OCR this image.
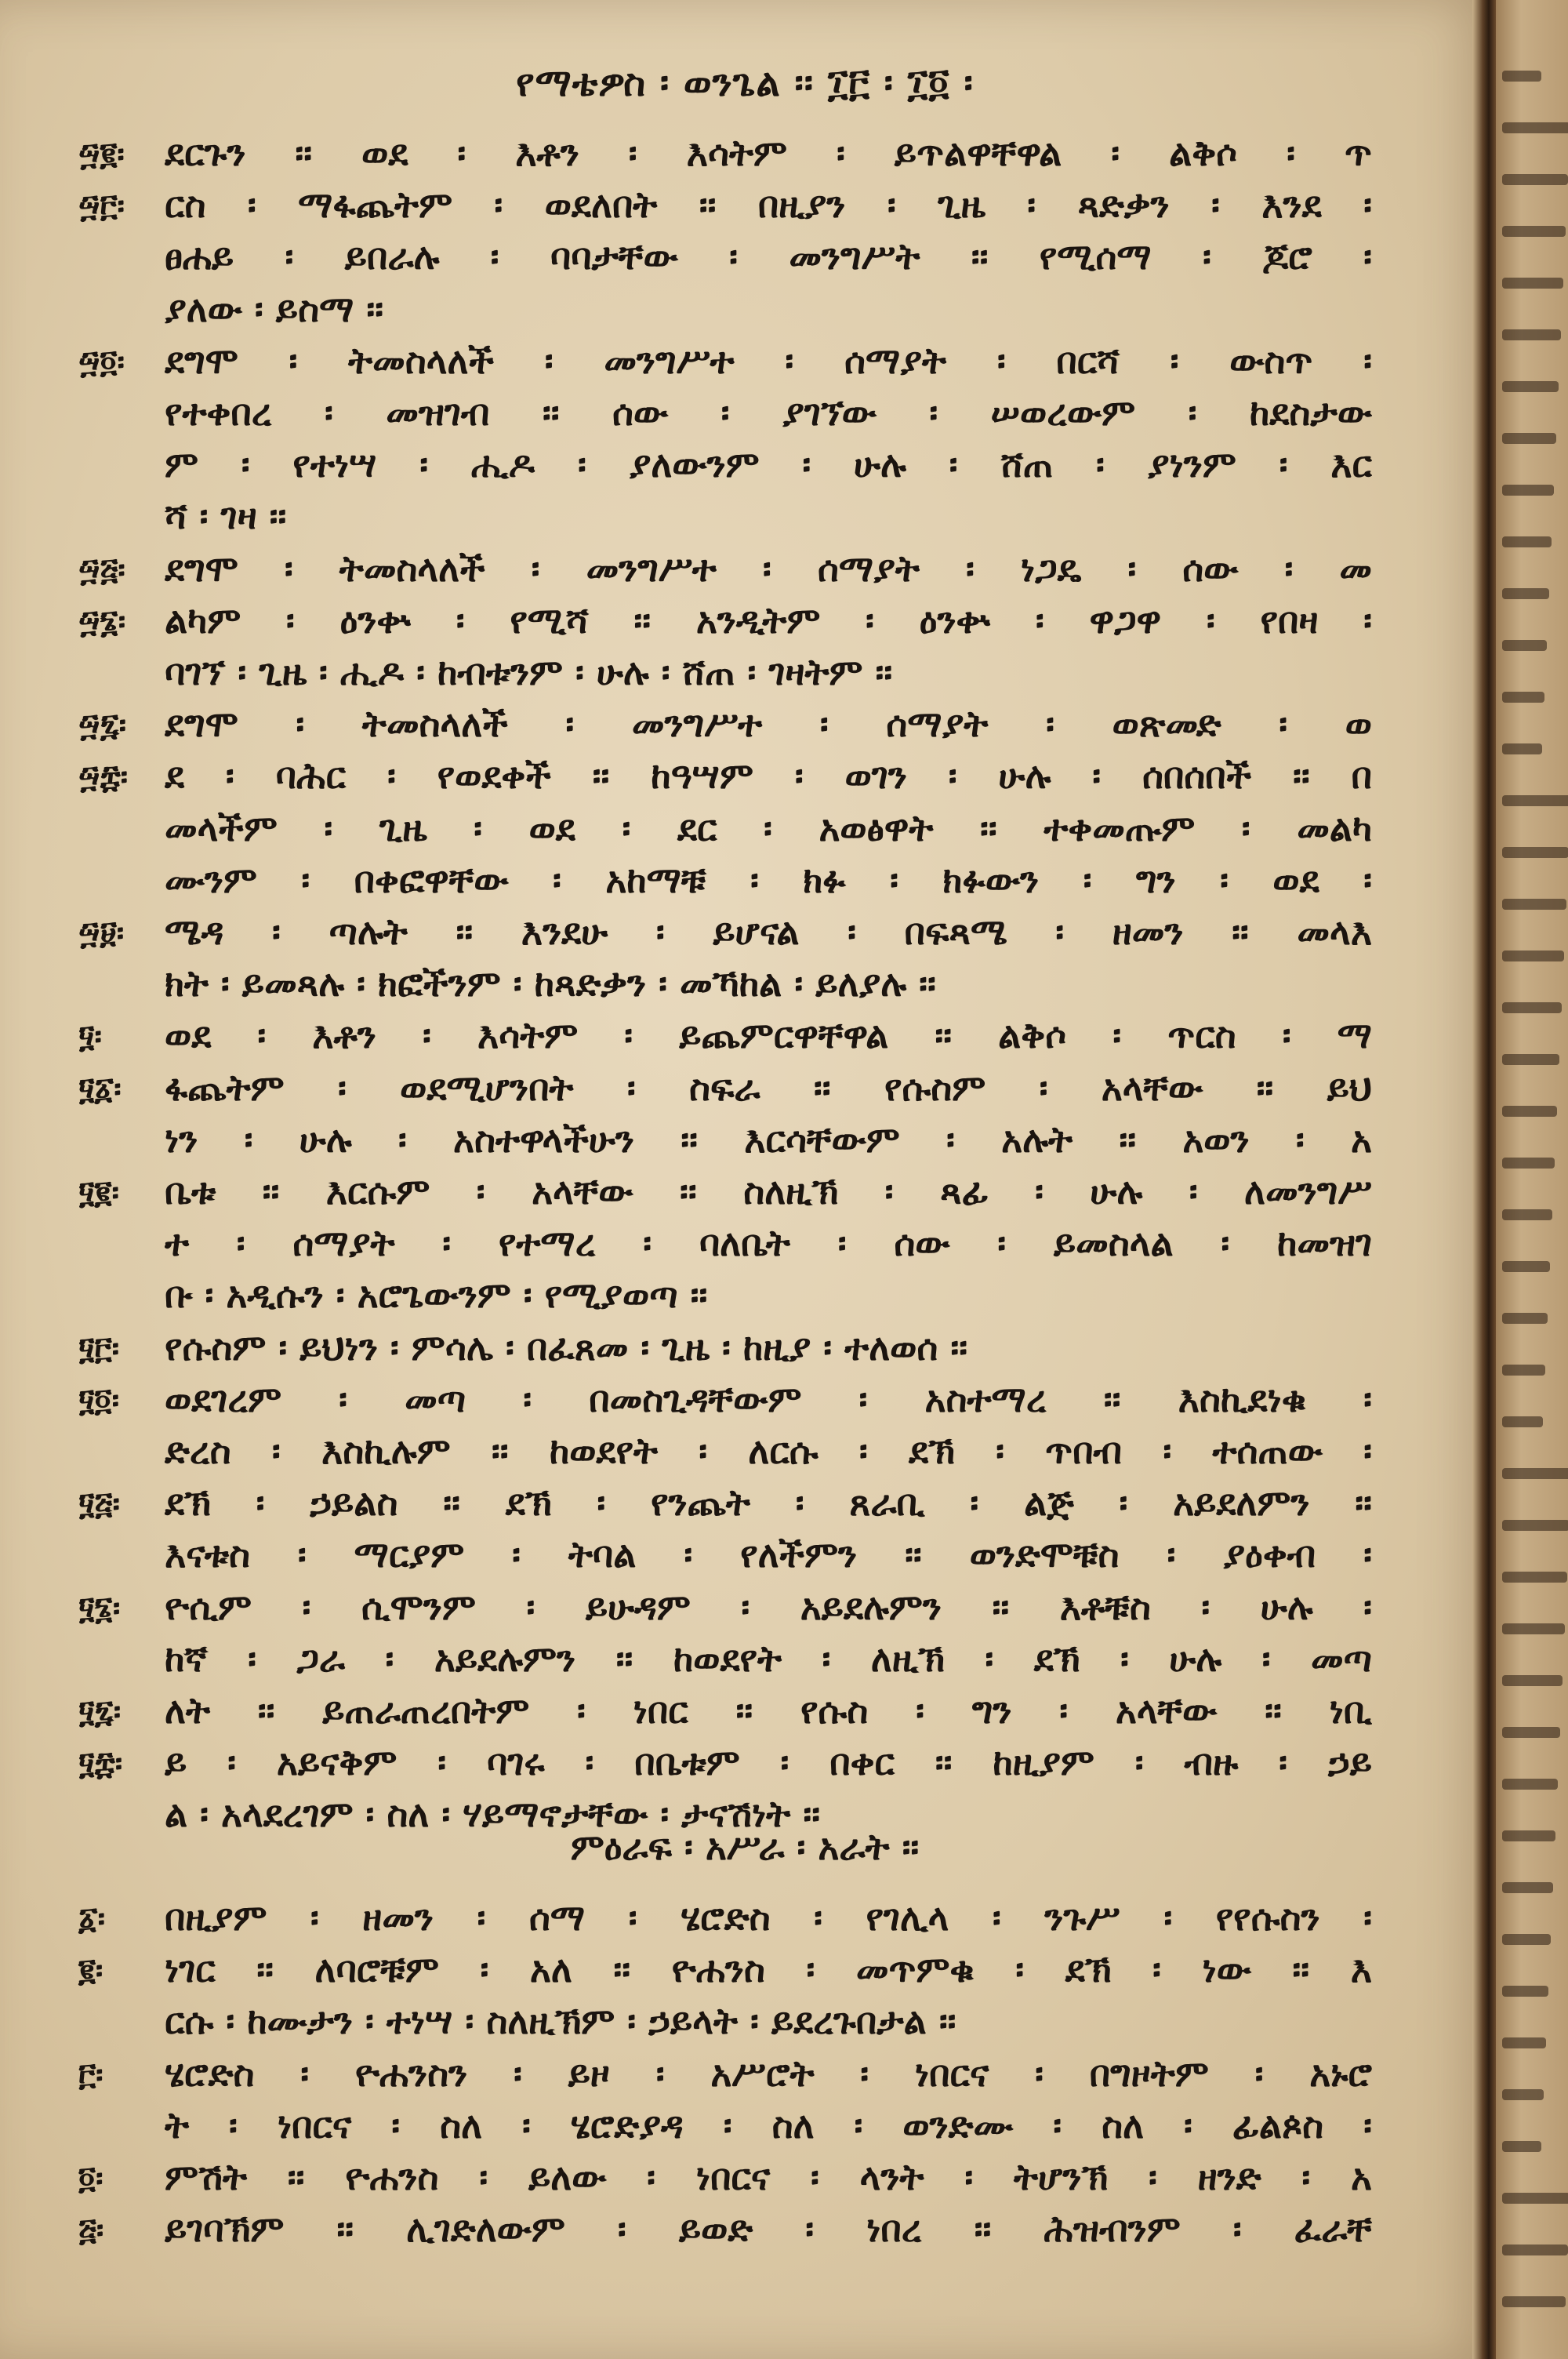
የማቴዎስ ፡ ወንጌል ፡፡ ፲፫ ፡ ፲፬ ፡
፵፪፡ ደርጉን ፡፡ ወደ ፡ እቶን ፡ እሳትም ፡ ይጥልዋቸዋል ፡ ልቅሶ ፡ ጥ
፵፫፡ ርስ ፡ ማፋጨትም ፡ ወደለበት ፡፡ በዚያን ፡ ጊዜ ፡ ጻድቃን ፡ እንደ ፡
ፀሐይ ፡ ይበራሉ ፡ ባባታቸው ፡ መንግሥት ፡፡ የሚሰማ ፡ ጆሮ ፡
ያለው ፡ ይስማ ፡፡
፵፬፡ ደግሞ ፡ ትመስላለች ፡ መንግሥተ ፡ ሰማያት ፡ በርሻ ፡ ውስጥ ፡
የተቀበረ ፡ መዝገብ ፡፡ ሰው ፡ ያገኘው ፡ ሠወረውም ፡ ከደስታው
ም ፡ የተነሣ ፡ ሒዶ ፡ ያለውንም ፡ ሁሉ ፡ ሸጠ ፡ ያነንም ፡ እር
ሻ ፡ ገዛ ፡፡
፵፭፡ ደግሞ ፡ ትመስላለች ፡ መንግሥተ ፡ ሰማያት ፡ ነጋዴ ፡ ሰው ፡ መ
፵፮፡ ልካም ፡ ዕንቍ ፡ የሚሻ ፡፡ አንዲትም ፡ ዕንቍ ፡ ዋጋዋ ፡ የበዛ ፡
ባገኘ ፡ ጊዜ ፡ ሒዶ ፡ ከብቱንም ፡ ሁሉ ፡ ሸጠ ፡ ገዛትም ፡፡
፵፯፡ ደግሞ ፡ ትመስላለች ፡ መንግሥተ ፡ ሰማያት ፡ ወጽመድ ፡ ወ
፵፰፡ ደ ፡ ባሕር ፡ የወደቀች ፡፡ ከዓሣም ፡ ወገን ፡ ሁሉ ፡ ሰበሰበች ፡፡ በ
መላችም ፡ ጊዜ ፡ ወደ ፡ ደር ፡ አወፅዋት ፡፡ ተቀመጡም ፡ መልካ
ሙንም ፡ በቀፎዋቸው ፡ አከማቹ ፡ ክፉ ፡ ክፉውን ፡ ግን ፡ ወደ ፡
፵፱፡ ሜዳ ፡ ጣሉት ፡፡ እንደሁ ፡ ይሆናል ፡ በፍጻሜ ፡ ዘመን ፡፡ መላእ
ክት ፡ ይመጻሉ ፡ ክፎችንም ፡ ከጻድቃን ፡ መኻከል ፡ ይለያሉ ፡፡
፶፡ ወደ ፡ እቶን ፡ እሳትም ፡ ይጨምርዋቸዋል ፡፡ ልቅሶ ፡ ጥርስ ፡ ማ
፶፩፡ ፋጨትም ፡ ወደሚሆንበት ፡ ስፍራ ፡፡ የሱስም ፡ አላቸው ፡፡ ይህ
ነን ፡ ሁሉ ፡ አስተዋላችሁን ፡፡ እርሳቸውም ፡ አሉት ፡፡ አወን ፡ አ
፶፪፡ ቤቱ ፡፡ እርሱም ፡ አላቸው ፡፡ ስለዚኽ ፡ ጻፊ ፡ ሁሉ ፡ ለመንግሥ
ተ ፡ ሰማያት ፡ የተማረ ፡ ባለቤት ፡ ሰው ፡ ይመስላል ፡ ከመዝገ
ቡ ፡ አዲሱን ፡ አሮጌውንም ፡ የሚያወጣ ፡፡
፶፫፡ የሱስም ፡ ይህነን ፡ ምሳሌ ፡ በፈጸመ ፡ ጊዜ ፡ ከዚያ ፡ ተለወሰ ፡፡
፶፬፡ ወደገረም ፡ መጣ ፡ በመስጊዳቸውም ፡ አስተማረ ፡፡ እስኪደነቁ ፡
ድረስ ፡ እስኪሉም ፡፡ ከወደየት ፡ ለርሱ ፡ ደኽ ፡ ጥበብ ፡ ተሰጠው ፡
፶፭፡ ደኽ ፡ ኃይልስ ፡፡ ደኽ ፡ የንጨት ፡ ጸራቢ ፡ ልጅ ፡ አይደለምን ፡፡
እናቱስ ፡ ማርያም ፡ ትባል ፡ የለችምን ፡፡ ወንድሞቹስ ፡ ያዕቀብ ፡
፶፮፡ ዮሲም ፡ ሲሞንም ፡ ይሁዳም ፡ አይደሉምን ፡፡ እቶቹስ ፡ ሁሉ ፡
ከኛ ፡ ጋራ ፡ አይደሉምን ፡፡ ከወደየት ፡ ለዚኽ ፡ ደኽ ፡ ሁሉ ፡ መጣ
፶፯፡ ለት ፡፡ ይጠራጠረበትም ፡ ነበር ፡፡ የሱስ ፡ ግን ፡ አላቸው ፡፡ ነቢ
፶፰፡ ይ ፡ አይናቅም ፡ ባገሩ ፡ በቤቱም ፡ በቀር ፡፡ ከዚያም ፡ ብዙ ፡ ኃይ
ል ፡ አላደረገም ፡ ስለ ፡ ሃይማኖታቸው ፡ ታናሽነት ፡፡
ምዕራፍ ፡ አሥራ ፡ አራት ፡፡
፩፡ በዚያም ፡ ዘመን ፡ ሰማ ፡ ሄሮድስ ፡ የገሊላ ፡ ንጉሥ ፡ የየሱስን ፡
፪፡ ነገር ፡፡ ለባሮቹም ፡ አለ ፡፡ ዮሐንስ ፡ መጥምቁ ፡ ደኽ ፡ ነው ፡፡ እ
ርሱ ፡ ከሙታን ፡ ተነሣ ፡ ስለዚኽም ፡ ኃይላት ፡ ይደረጉበታል ፡፡
፫፡ ሄሮድስ ፡ ዮሐንስን ፡ ይዞ ፡ አሥሮት ፡ ነበርና ፡ በግዞትም ፡ አኑሮ
ት ፡ ነበርና ፡ ስለ ፡ ሄሮድያዳ ፡ ስለ ፡ ወንድሙ ፡ ስለ ፡ ፊልጶስ ፡
፬፡ ምሽት ፡፡ ዮሐንስ ፡ ይለው ፡ ነበርና ፡ ላንት ፡ ትሆንኽ ፡ ዘንድ ፡ አ
፭፡ ይገባኽም ፡፡ ሊገድለውም ፡ ይወድ ፡ ነበረ ፡፡ ሕዝብንም ፡ ፈራቸ
